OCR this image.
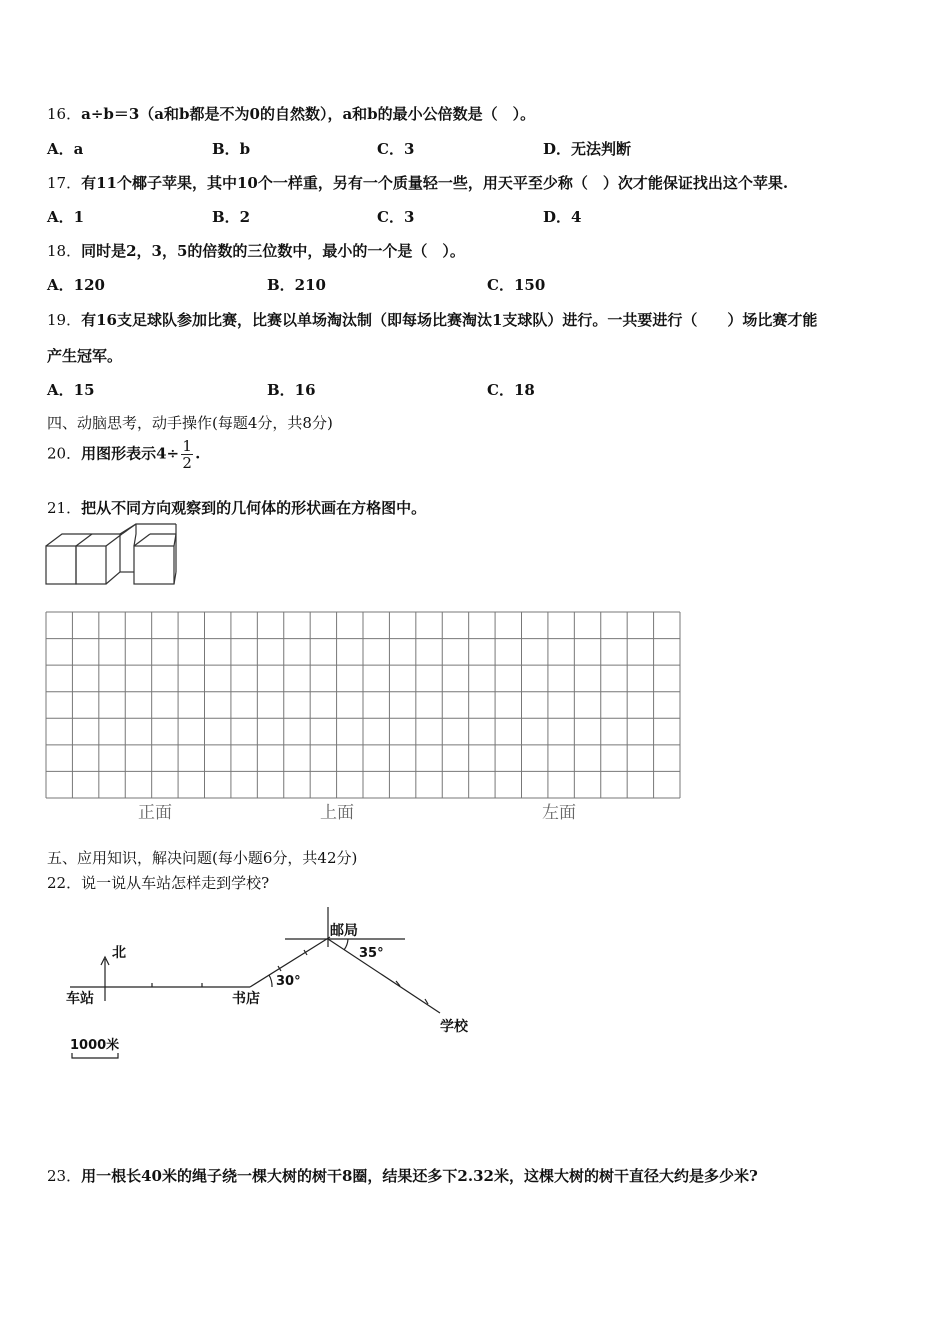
16．a÷b＝3（a和b都是不为0的自然数），a和b的最小公倍数是（　）。
A．a	B．b	C．3	D．无法判断
17．有11个椰子苹果，其中10个一样重，另有一个质量轻一些，用天平至少称（　）次才能保证找出这个苹果.
A．1	B．2	C．3	D．4
18．同时是2，3，5的倍数的三位数中，最小的一个是（　）。
A．120	B．210	C．150
19．有16支足球队参加比赛，比赛以单场淘汰制（即每场比赛淘汰1支球队）进行。一共要进行（　　）场比赛才能
产生冠军。
A．15	B．16	C．18
四、动脑思考，动手操作(每题4分，共8分)
20．用图形表示$4\div \frac{1}{2}$ .
21．把从不同方向观察到的几何体的形状画在方格图中。
正面	上面	左面
五、应用知识，解决问题(每小题6分，共42分)
22．说一说从车站怎样走到学校?
北
车站	书店
邮局
学校
30°
35°
1000米
23．用一根长40米的绳子绕一棵大树的树干8圈，结果还多下2.32米，这棵大树的树干直径大约是多少米?
